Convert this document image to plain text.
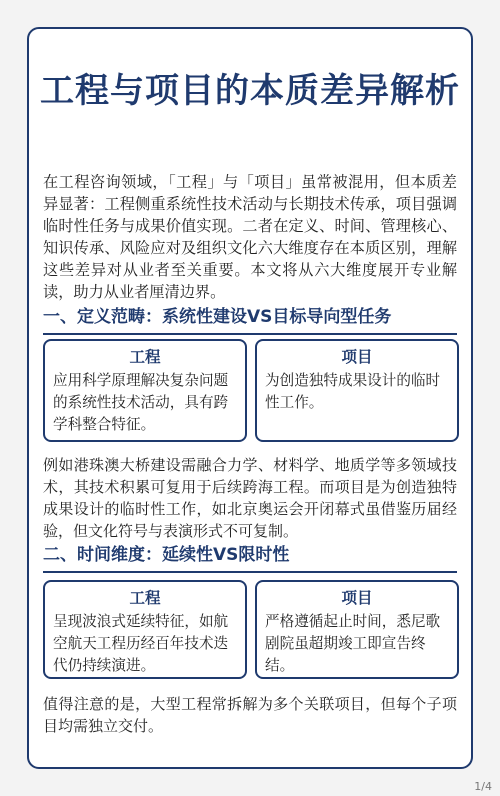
工程与项目的本质差异解析

在工程咨询领域，「工程」与「项目」虽常被混用，但本质差异显著：工程侧重系统性技术活动与长期技术传承，项目强调临时性任务与成果价值实现。二者在定义、时间、管理核心、知识传承、风险应对及组织文化六大维度存在本质区别，理解这些差异对从业者至关重要。本文将从六大维度展开专业解读，助力从业者厘清边界。

一、定义范畴：系统性建设VS目标导向型任务
工程
应用科学原理解决复杂问题的系统性技术活动，具有跨学科整合特征。
项目
为创造独特成果设计的临时性工作。

例如港珠澳大桥建设需融合力学、材料学、地质学等多领域技术，其技术积累可复用于后续跨海工程。而项目是为创造独特成果设计的临时性工作，如北京奥运会开闭幕式虽借鉴历届经验，但文化符号与表演形式不可复制。

二、时间维度：延续性VS限时性
工程
呈现波浪式延续特征，如航空航天工程历经百年技术迭代仍持续演进。
项目
严格遵循起止时间，悉尼歌剧院虽超期竣工即宣告终结。

值得注意的是，大型工程常拆解为多个关联项目，但每个子项目均需独立交付。

1/4
